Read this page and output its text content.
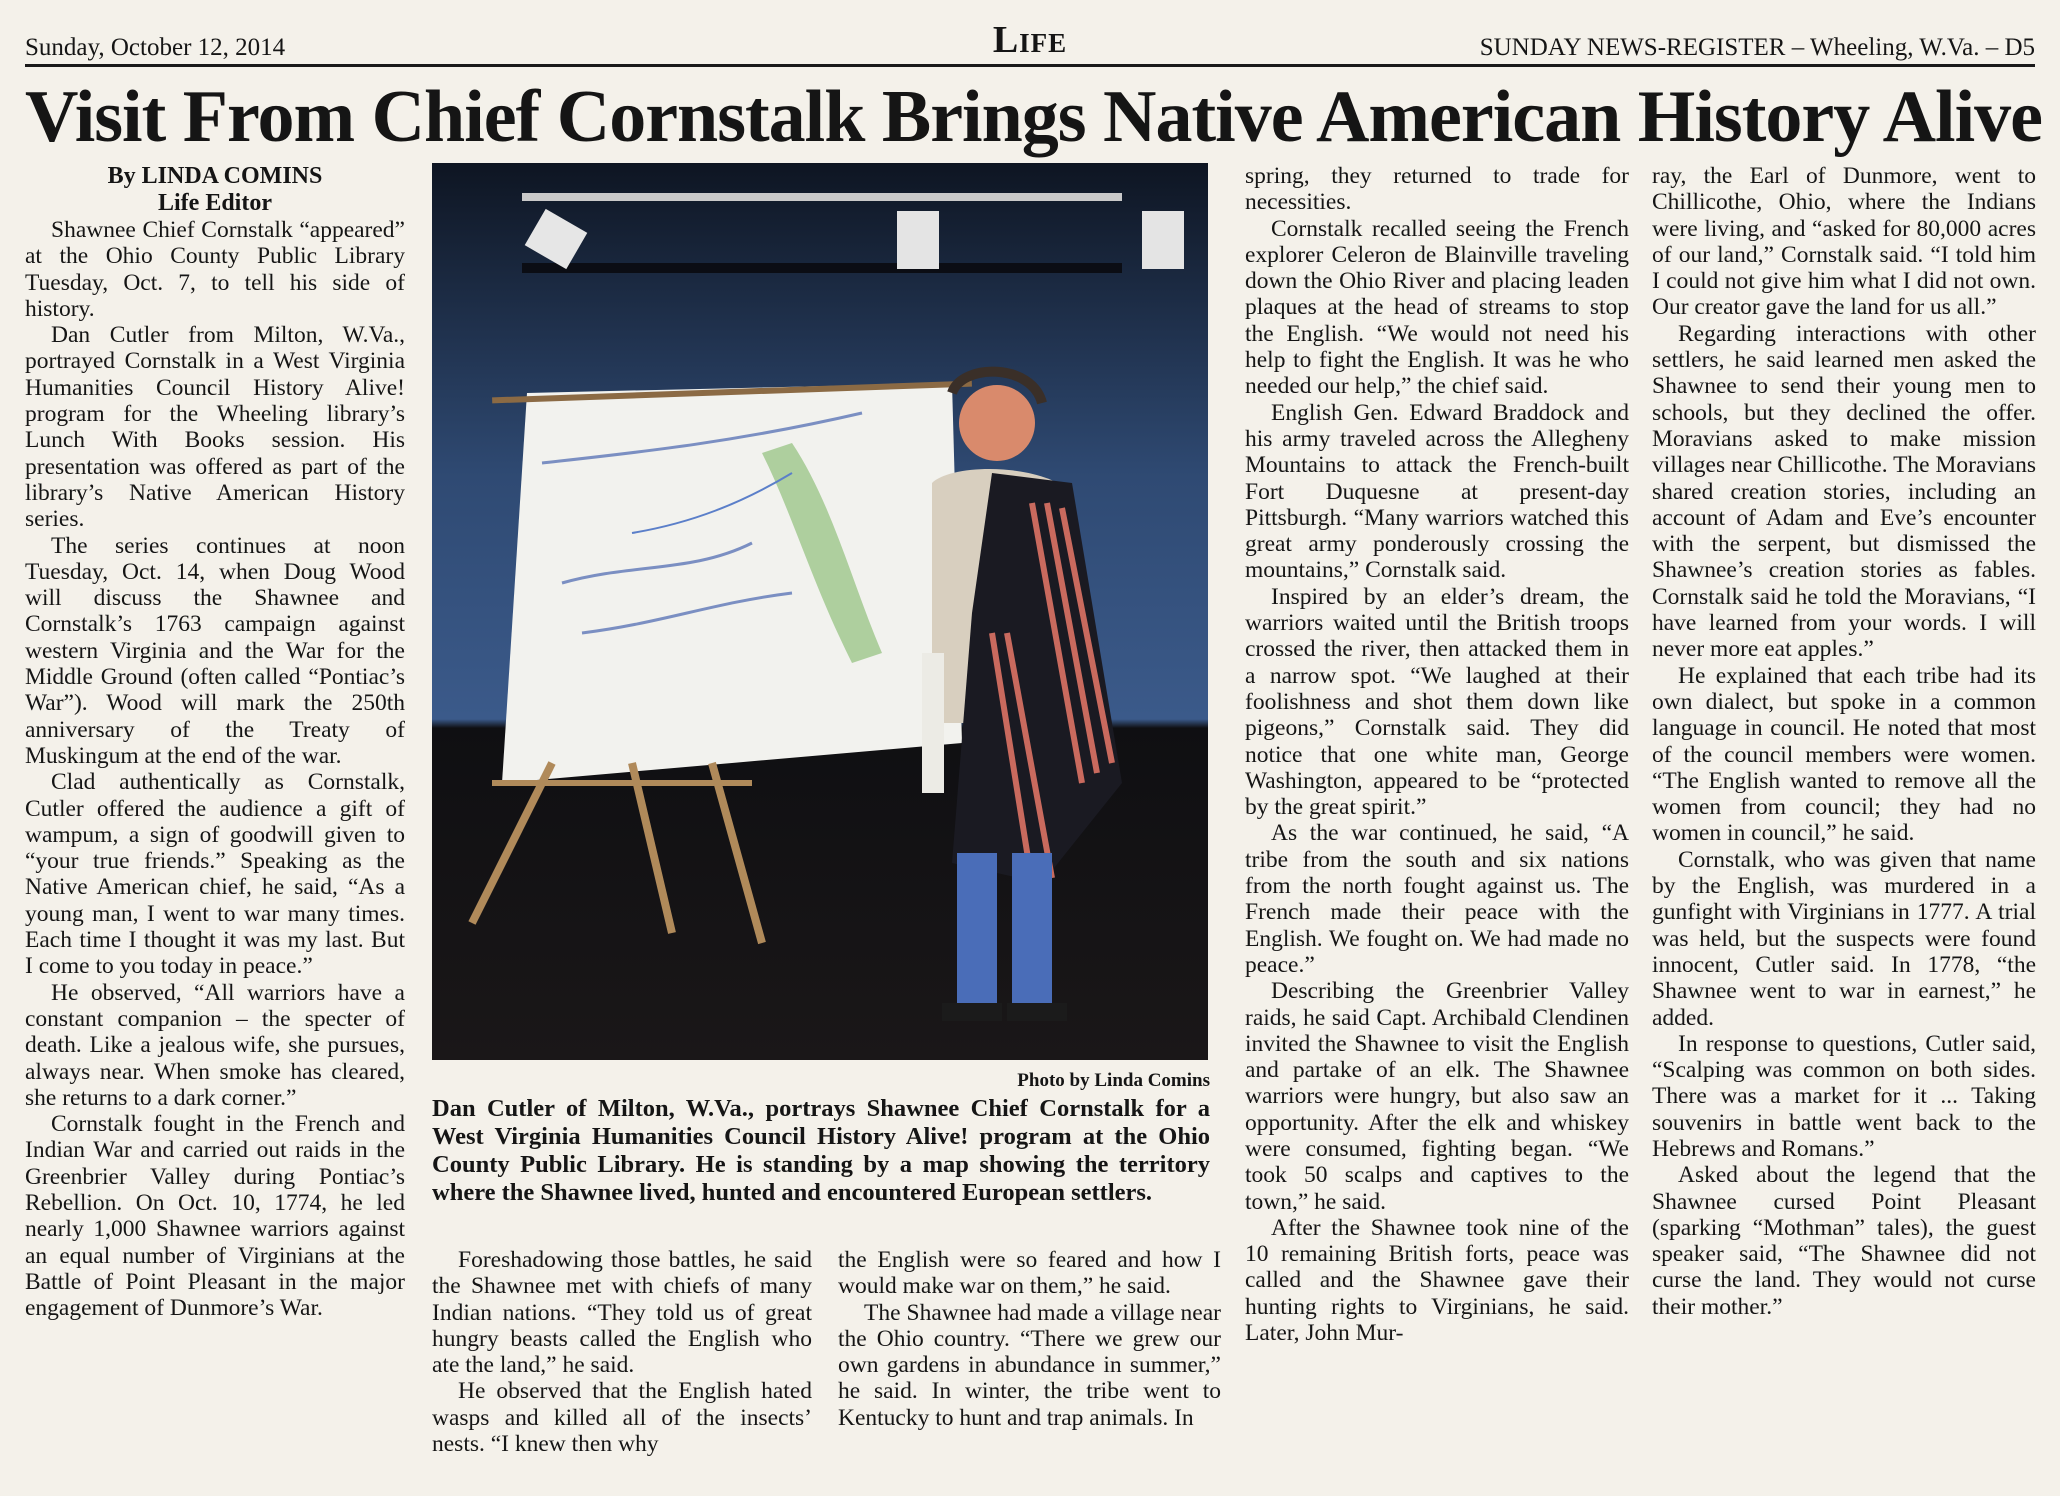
Sunday, October 12, 2014	Life	SUNDAY NEWS-REGISTER – Wheeling, W.Va. – D5
Visit From Chief Cornstalk Brings Native American History Alive
By LINDA COMINS
Life Editor

Shawnee Chief Cornstalk “appeared” at the Ohio County Public Library Tuesday, Oct. 7, to tell his side of history.

Dan Cutler from Milton, W.Va., portrayed Cornstalk in a West Virginia Humanities Council History Alive! program for the Wheeling library’s Lunch With Books session. His presentation was offered as part of the library’s Native American History series.

The series continues at noon Tuesday, Oct. 14, when Doug Wood will discuss the Shawnee and Cornstalk’s 1763 campaign against western Virginia and the War for the Middle Ground (often called “Pontiac’s War”). Wood will mark the 250th anniversary of the Treaty of Muskingum at the end of the war.

Clad authentically as Cornstalk, Cutler offered the audience a gift of wampum, a sign of goodwill given to “your true friends.” Speaking as the Native American chief, he said, “As a young man, I went to war many times. Each time I thought it was my last. But I come to you today in peace.”

He observed, “All warriors have a constant companion – the specter of death. Like a jealous wife, she pursues, always near. When smoke has cleared, she returns to a dark corner.”

Cornstalk fought in the French and Indian War and carried out raids in the Greenbrier Valley during Pontiac’s Rebellion. On Oct. 10, 1774, he led nearly 1,000 Shawnee warriors against an equal number of Virginians at the Battle of Point Pleasant in the major engagement of Dunmore’s War.

Photo by Linda Comins
Dan Cutler of Milton, W.Va., portrays Shawnee Chief Cornstalk for a West Virginia Humanities Council History Alive! program at the Ohio County Public Library. He is standing by a map showing the territory where the Shawnee lived, hunted and encountered European settlers.

Foreshadowing those battles, he said the Shawnee met with chiefs of many Indian nations. “They told us of great hungry beasts called the English who ate the land,” he said.

He observed that the English hated wasps and killed all of the insects’ nests. “I knew then why

the English were so feared and how I would make war on them,” he said.

The Shawnee had made a village near the Ohio country. “There we grew our own gardens in abundance in summer,” he said. In winter, the tribe went to Kentucky to hunt and trap animals. In

spring, they returned to trade for necessities.

Cornstalk recalled seeing the French explorer Celeron de Blainville traveling down the Ohio River and placing leaden plaques at the head of streams to stop the English. “We would not need his help to fight the English. It was he who needed our help,” the chief said.

English Gen. Edward Braddock and his army traveled across the Allegheny Mountains to attack the French-built Fort Duquesne at present-day Pittsburgh. “Many warriors watched this great army ponderously crossing the mountains,” Cornstalk said.

Inspired by an elder’s dream, the warriors waited until the British troops crossed the river, then attacked them in a narrow spot. “We laughed at their foolishness and shot them down like pigeons,” Cornstalk said. They did notice that one white man, George Washington, appeared to be “protected by the great spirit.”

As the war continued, he said, “A tribe from the south and six nations from the north fought against us. The French made their peace with the English. We fought on. We had made no peace.”

Describing the Greenbrier Valley raids, he said Capt. Archibald Clendinen invited the Shawnee to visit the English and partake of an elk. The Shawnee warriors were hungry, but also saw an opportunity. After the elk and whiskey were consumed, fighting began. “We took 50 scalps and captives to the town,” he said.

After the Shawnee took nine of the 10 remaining British forts, peace was called and the Shawnee gave their hunting rights to Virginians, he said. Later, John Mur-

ray, the Earl of Dunmore, went to Chillicothe, Ohio, where the Indians were living, and “asked for 80,000 acres of our land,” Cornstalk said. “I told him I could not give him what I did not own. Our creator gave the land for us all.”

Regarding interactions with other settlers, he said learned men asked the Shawnee to send their young men to schools, but they declined the offer. Moravians asked to make mission villages near Chillicothe. The Moravians shared creation stories, including an account of Adam and Eve’s encounter with the serpent, but dismissed the Shawnee’s creation stories as fables. Cornstalk said he told the Moravians, “I have learned from your words. I will never more eat apples.”

He explained that each tribe had its own dialect, but spoke in a common language in council. He noted that most of the council members were women. “The English wanted to remove all the women from council; they had no women in council,” he said.

Cornstalk, who was given that name by the English, was murdered in a gunfight with Virginians in 1777. A trial was held, but the suspects were found innocent, Cutler said. In 1778, “the Shawnee went to war in earnest,” he added.

In response to questions, Cutler said, “Scalping was common on both sides. There was a market for it ... Taking souvenirs in battle went back to the Hebrews and Romans.”

Asked about the legend that the Shawnee cursed Point Pleasant (sparking “Mothman” tales), the guest speaker said, “The Shawnee did not curse the land. They would not curse their mother.”
